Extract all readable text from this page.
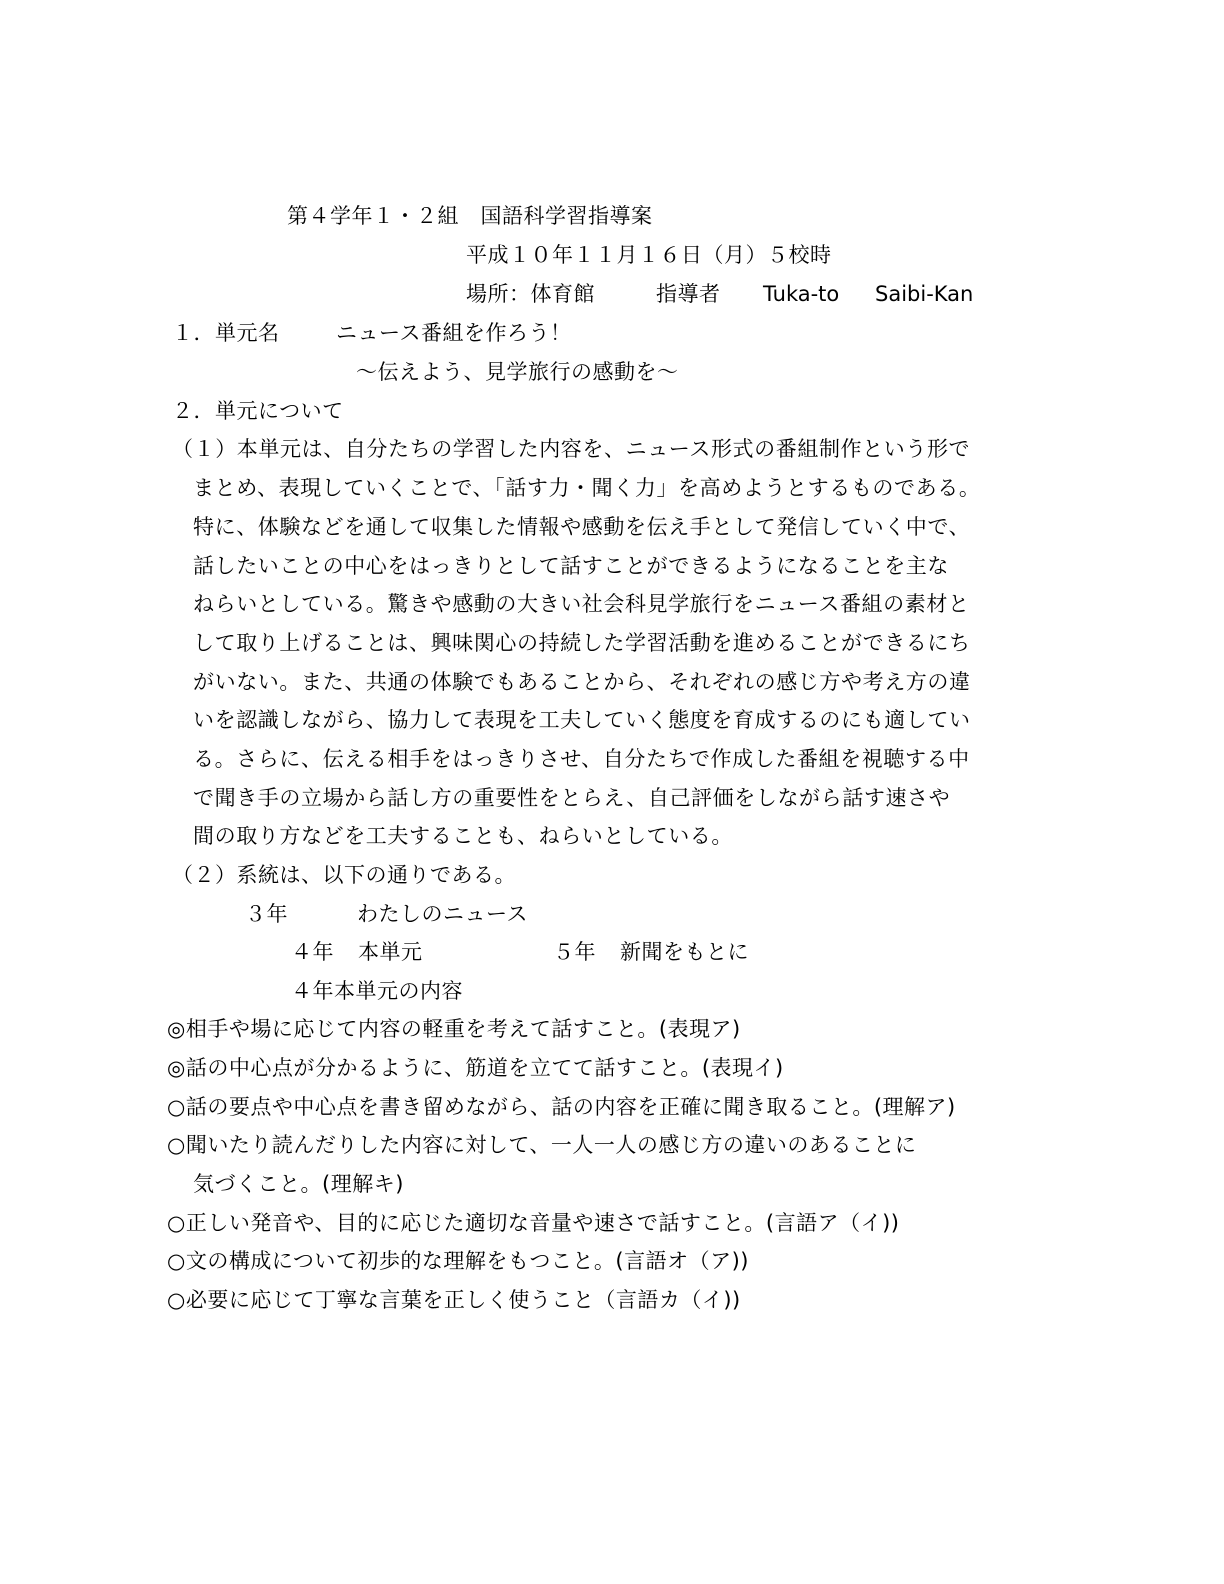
第４学年１・２組　国語科学習指導案
平成１０年１１月１６日（月）５校時
場所：体育館	指導者 Tuka-to Saibi-Kan
１．単元名	ニュース番組を作ろう！
～伝えよう、見学旅行の感動を～
２．単元について
（１）本単元は、自分たちの学習した内容を、ニュース形式の番組制作という形で
まとめ、表現していくことで、「話す力・聞く力」を高めようとするものである。
特に、体験などを通して収集した情報や感動を伝え手として発信していく中で、
話したいことの中心をはっきりとして話すことができるようになることを主な
ねらいとしている。驚きや感動の大きい社会科見学旅行をニュース番組の素材と
して取り上げることは、興味関心の持続した学習活動を進めることができるにち
がいない。また、共通の体験でもあることから、それぞれの感じ方や考え方の違
いを認識しながら、協力して表現を工夫していく態度を育成するのにも適してい
る。さらに、伝える相手をはっきりさせ、自分たちで作成した番組を視聴する中
で聞き手の立場から話し方の重要性をとらえ、自己評価をしながら話す速さや
間の取り方などを工夫することも、ねらいとしている。
（２）系統は、以下の通りである。
３年	わたしのニュース
４年 本単元	５年 新聞をもとに
４年本単元の内容
◎相手や場に応じて内容の軽重を考えて話すこと。(表現ア)
◎話の中心点が分かるように、筋道を立てて話すこと。(表現イ)
○話の要点や中心点を書き留めながら、話の内容を正確に聞き取ること。(理解ア)
○聞いたり読んだりした内容に対して、一人一人の感じ方の違いのあることに
気づくこと。(理解キ)
○正しい発音や、目的に応じた適切な音量や速さで話すこと。(言語ア（イ))
○文の構成について初歩的な理解をもつこと。(言語オ（ア))
○必要に応じて丁寧な言葉を正しく使うこと（言語カ（イ))
